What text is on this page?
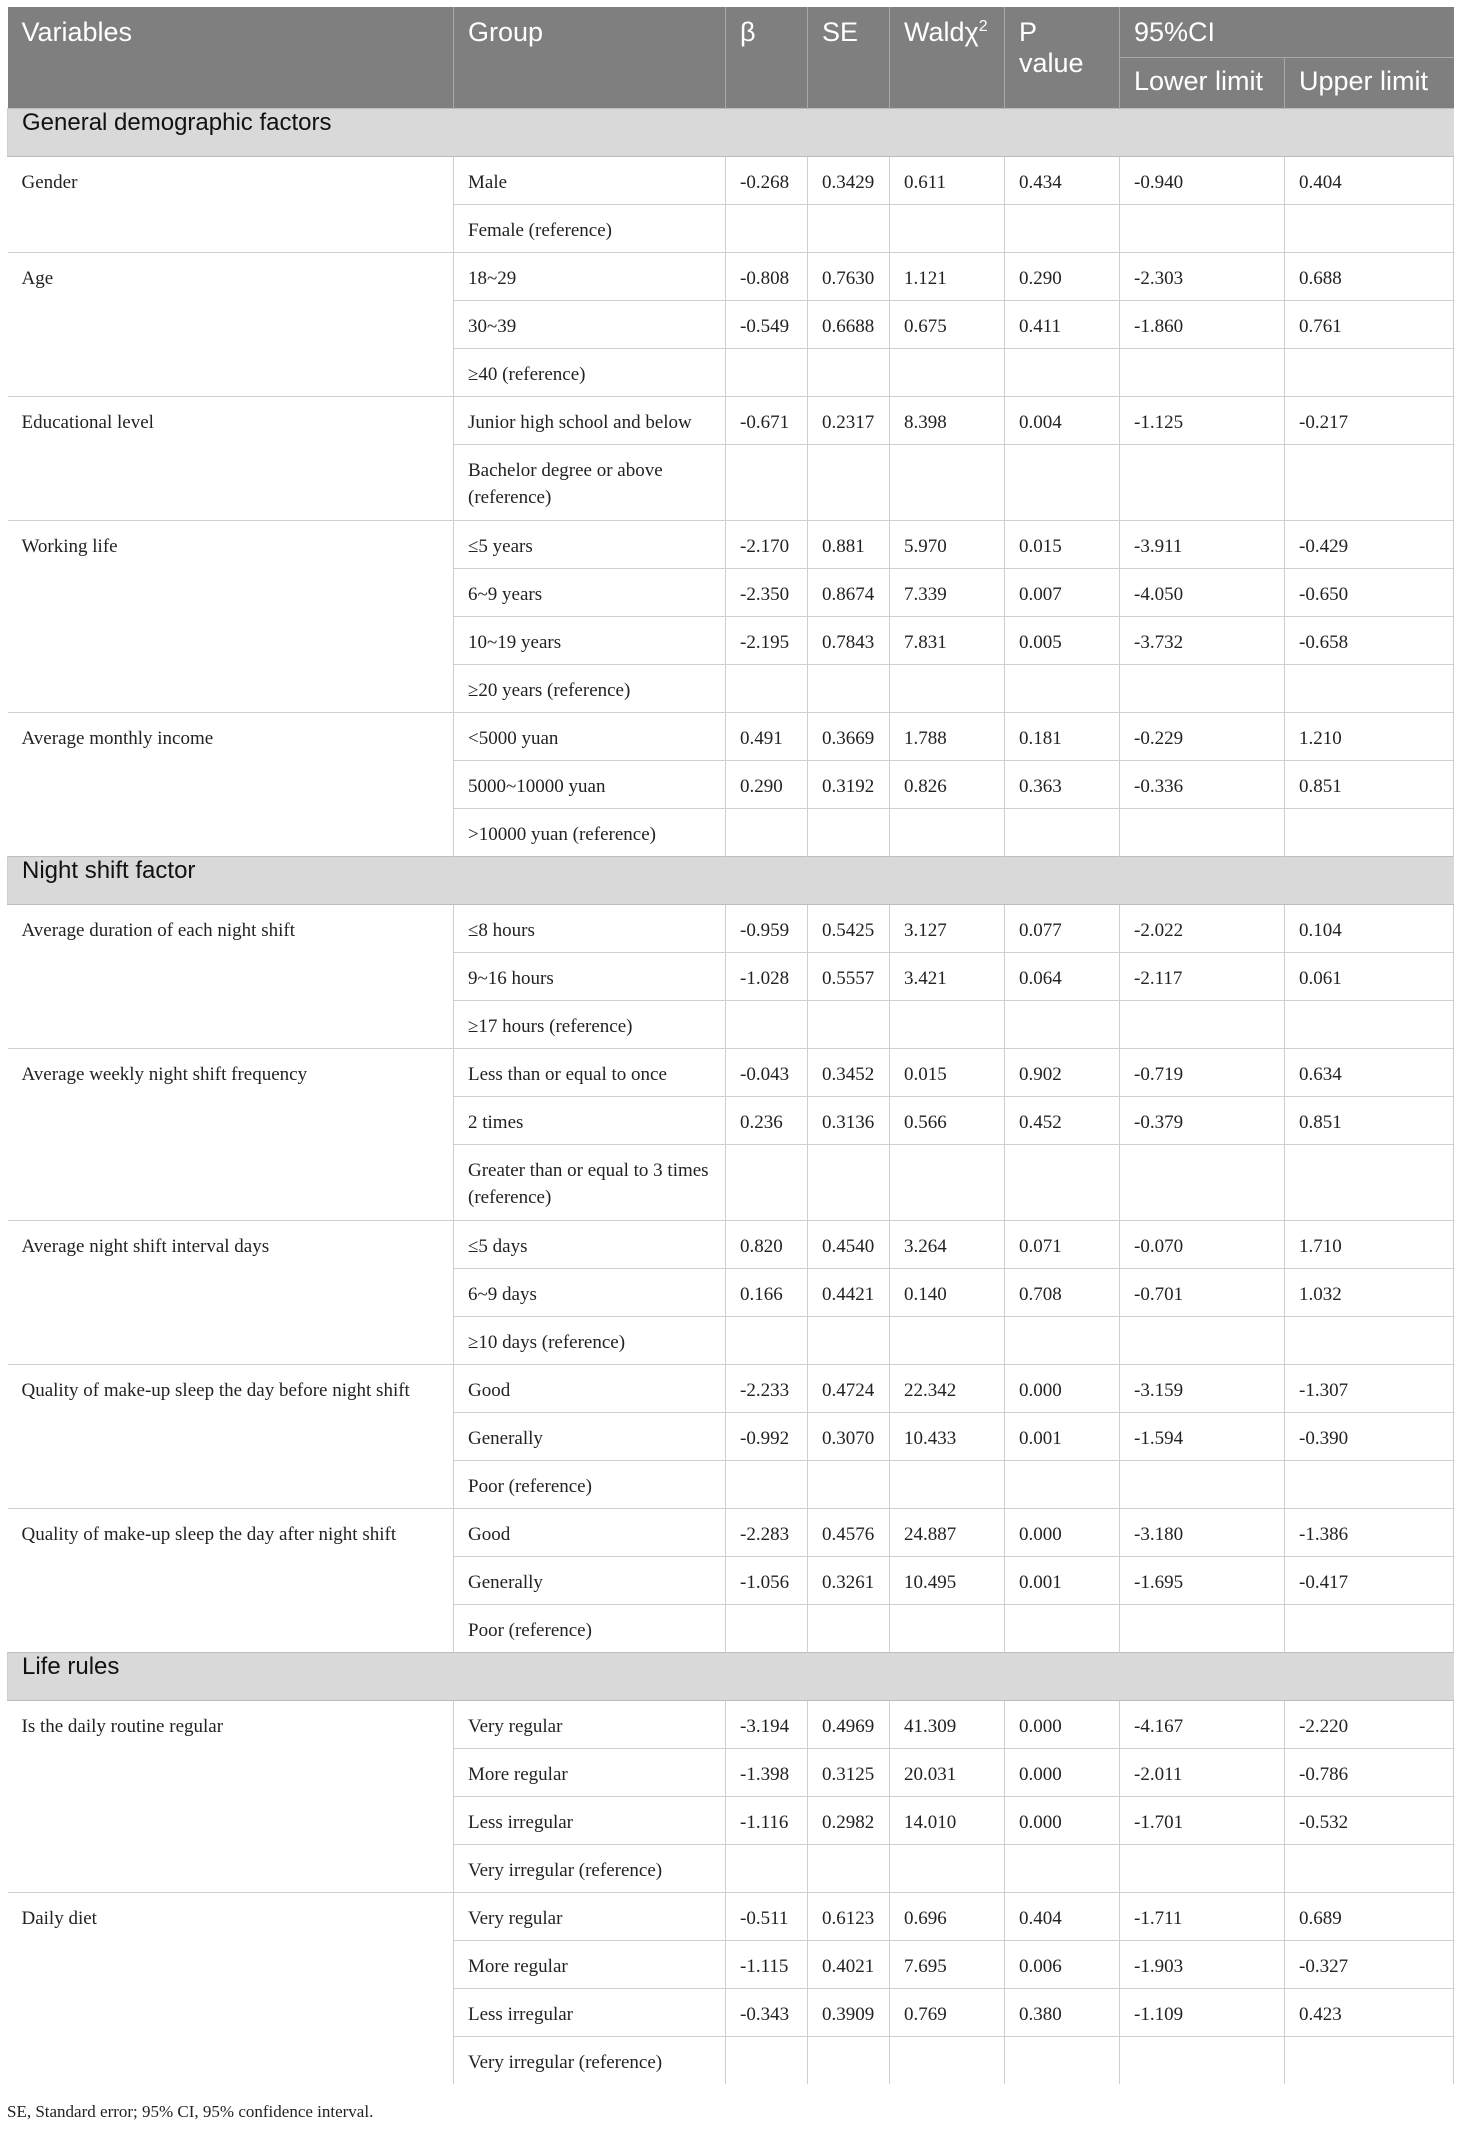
Variables	Group	β	SE	Waldχ$^2$	P value	95%CI	
						Lower limit	Upper limit
General demographic factors							
Gender	Male	-0.268	0.3429	0.611	0.434	-0.940	0.404
	Female (reference)						
Age	18~29	-0.808	0.7630	1.121	0.290	-2.303	0.688
	30~39	-0.549	0.6688	0.675	0.411	-1.860	0.761
	≥40 (reference)						
Educational level	Junior high school and below	-0.671	0.2317	8.398	0.004	-1.125	-0.217
	Bachelor degree or above (reference)						
Working life	≤5 years	-2.170	0.881	5.970	0.015	-3.911	-0.429
	6~9 years	-2.350	0.8674	7.339	0.007	-4.050	-0.650
	10~19 years	-2.195	0.7843	7.831	0.005	-3.732	-0.658
	≥20 years (reference)						
Average monthly income	<5000 yuan	0.491	0.3669	1.788	0.181	-0.229	1.210
	5000~10000 yuan	0.290	0.3192	0.826	0.363	-0.336	0.851
	>10000 yuan (reference)						
Night shift factor							
Average duration of each night shift	≤8 hours	-0.959	0.5425	3.127	0.077	-2.022	0.104
	9~16 hours	-1.028	0.5557	3.421	0.064	-2.117	0.061
	≥17 hours (reference)						
Average weekly night shift frequency	Less than or equal to once	-0.043	0.3452	0.015	0.902	-0.719	0.634
	2 times	0.236	0.3136	0.566	0.452	-0.379	0.851
	Greater than or equal to 3 times (reference)						
Average night shift interval days	≤5 days	0.820	0.4540	3.264	0.071	-0.070	1.710
	6~9 days	0.166	0.4421	0.140	0.708	-0.701	1.032
	≥10 days (reference)						
Quality of make-up sleep the day before night shift	Good	-2.233	0.4724	22.342	0.000	-3.159	-1.307
	Generally	-0.992	0.3070	10.433	0.001	-1.594	-0.390
	Poor (reference)						
Quality of make-up sleep the day after night shift	Good	-2.283	0.4576	24.887	0.000	-3.180	-1.386
	Generally	-1.056	0.3261	10.495	0.001	-1.695	-0.417
	Poor (reference)						
Life rules							
Is the daily routine regular	Very regular	-3.194	0.4969	41.309	0.000	-4.167	-2.220
	More regular	-1.398	0.3125	20.031	0.000	-2.011	-0.786
	Less irregular	-1.116	0.2982	14.010	0.000	-1.701	-0.532
	Very irregular (reference)						
Daily diet	Very regular	-0.511	0.6123	0.696	0.404	-1.711	0.689
	More regular	-1.115	0.4021	7.695	0.006	-1.903	-0.327
	Less irregular	-0.343	0.3909	0.769	0.380	-1.109	0.423
	Very irregular (reference)						
SE, Standard error; 95% CI, 95% confidence interval.
